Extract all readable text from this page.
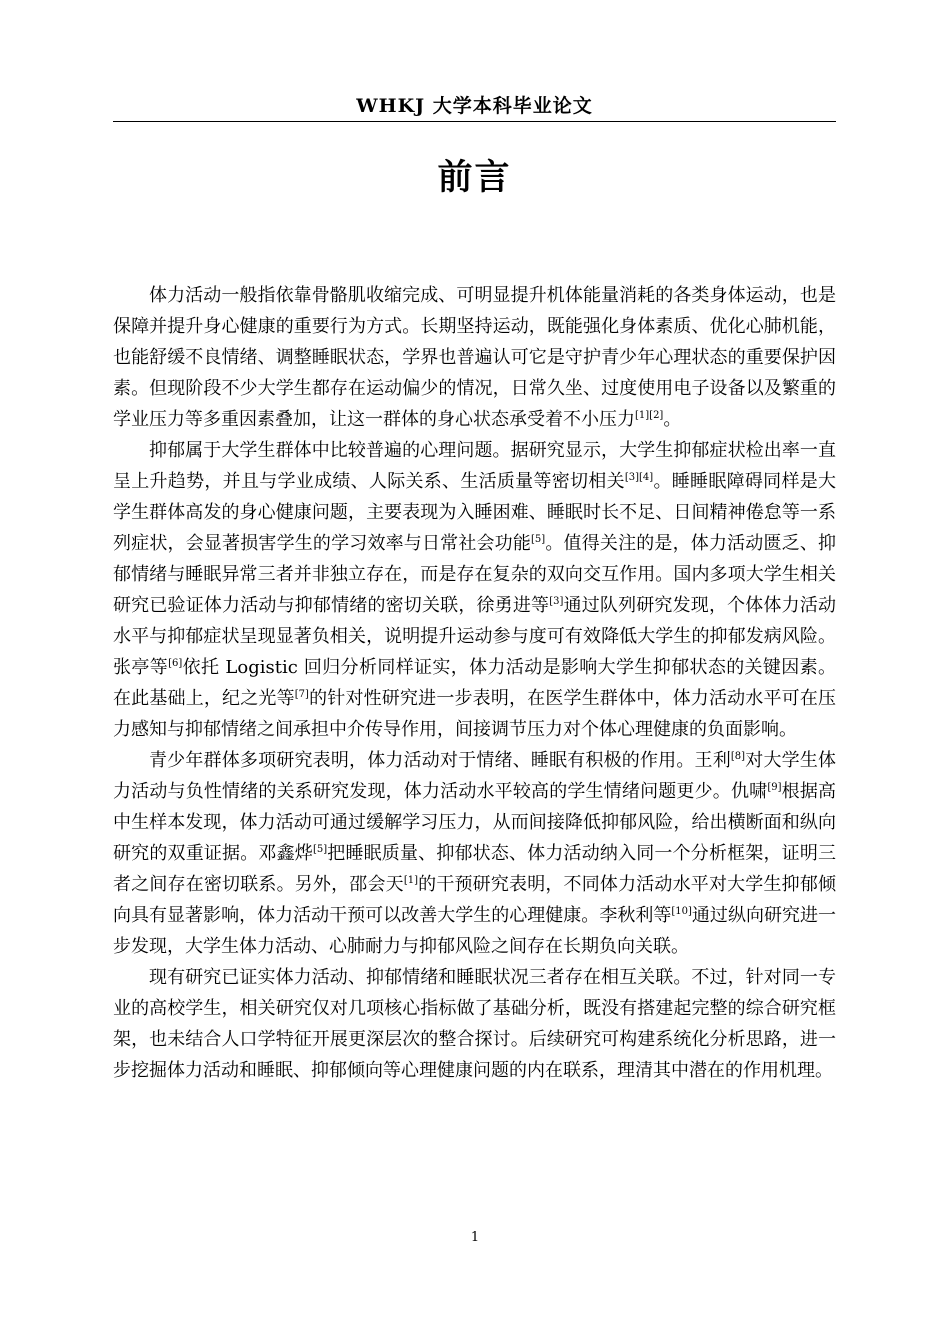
WHKJ 大学本科毕业论文
前言

体力活动一般指依靠骨骼肌收缩完成、可明显提升机体能量消耗的各类身体运动，也是保障并提升身心健康的重要行为方式。长期坚持运动，既能强化身体素质、优化心肺机能，也能舒缓不良情绪、调整睡眠状态，学界也普遍认可它是守护青少年心理状态的重要保护因素。但现阶段不少大学生都存在运动偏少的情况，日常久坐、过度使用电子设备以及繁重的学业压力等多重因素叠加，让这一群体的身心状态承受着不小压力[1][2]。

抑郁属于大学生群体中比较普遍的心理问题。据研究显示，大学生抑郁症状检出率一直呈上升趋势，并且与学业成绩、人际关系、生活质量等密切相关[3][4]。睡睡眠障碍同样是大学生群体高发的身心健康问题，主要表现为入睡困难、睡眠时长不足、日间精神倦怠等一系列症状，会显著损害学生的学习效率与日常社会功能[5]。值得关注的是，体力活动匮乏、抑郁情绪与睡眠异常三者并非独立存在，而是存在复杂的双向交互作用。国内多项大学生相关研究已验证体力活动与抑郁情绪的密切关联，徐勇进等[3]通过队列研究发现，个体体力活动水平与抑郁症状呈现显著负相关，说明提升运动参与度可有效降低大学生的抑郁发病风险。张亭等[6]依托 Logistic 回归分析同样证实，体力活动是影响大学生抑郁状态的关键因素。在此基础上，纪之光等[7]的针对性研究进一步表明，在医学生群体中，体力活动水平可在压力感知与抑郁情绪之间承担中介传导作用，间接调节压力对个体心理健康的负面影响。

青少年群体多项研究表明，体力活动对于情绪、睡眠有积极的作用。王利[8]对大学生体力活动与负性情绪的关系研究发现，体力活动水平较高的学生情绪问题更少。仇啸[9]根据高中生样本发现，体力活动可通过缓解学习压力，从而间接降低抑郁风险，给出横断面和纵向研究的双重证据。邓鑫烨[5]把睡眠质量、抑郁状态、体力活动纳入同一个分析框架，证明三者之间存在密切联系。另外，邵会天[1]的干预研究表明，不同体力活动水平对大学生抑郁倾向具有显著影响，体力活动干预可以改善大学生的心理健康。李秋利等[10]通过纵向研究进一步发现，大学生体力活动、心肺耐力与抑郁风险之间存在长期负向关联。

现有研究已证实体力活动、抑郁情绪和睡眠状况三者存在相互关联。不过，针对同一专业的高校学生，相关研究仅对几项核心指标做了基础分析，既没有搭建起完整的综合研究框架，也未结合人口学特征开展更深层次的整合探讨。后续研究可构建系统化分析思路，进一步挖掘体力活动和睡眠、抑郁倾向等心理健康问题的内在联系，理清其中潜在的作用机理。

1
